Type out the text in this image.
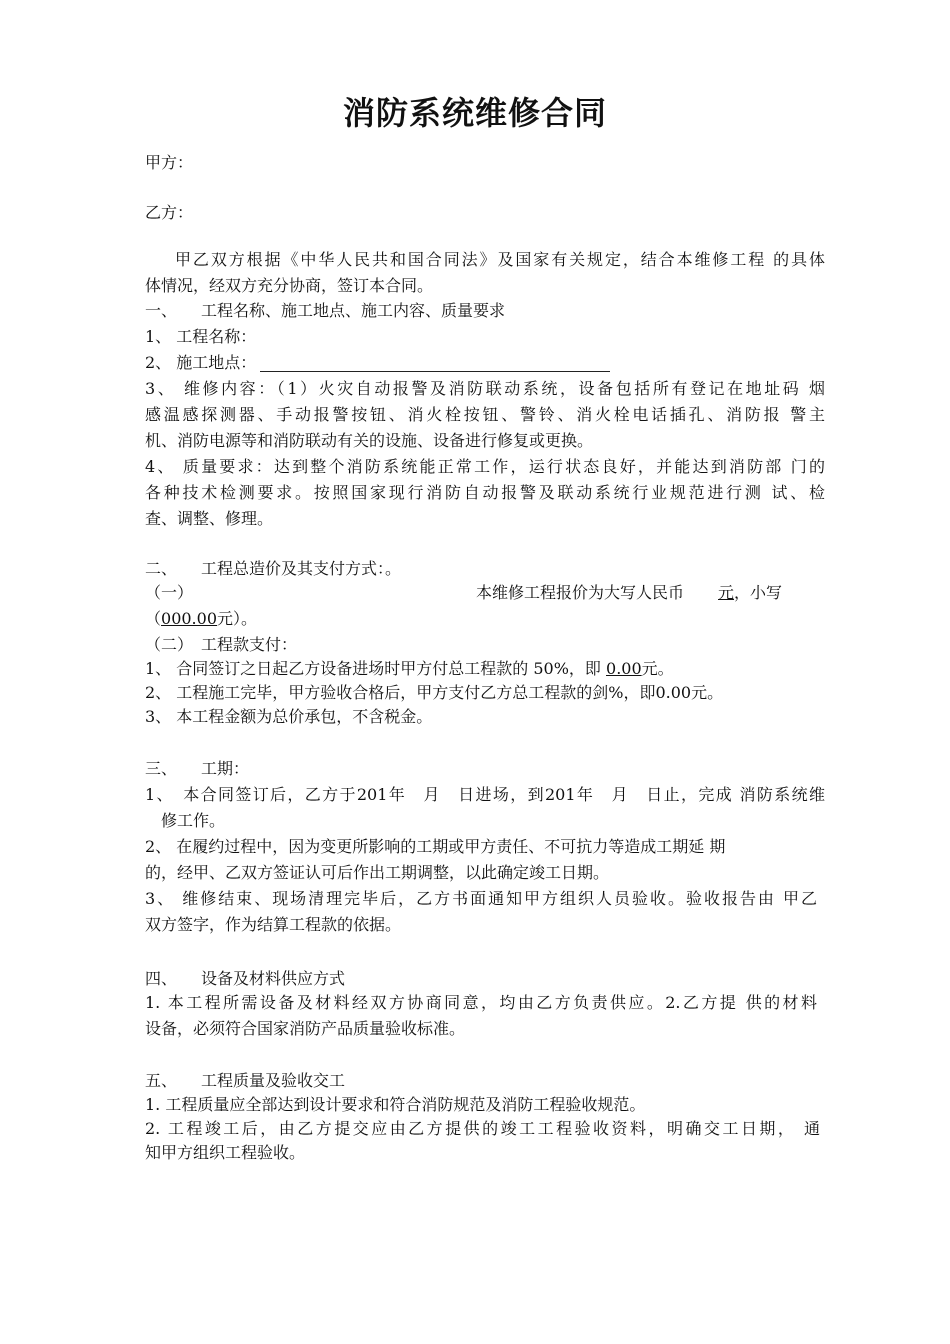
消防系统维修合同
甲方：
乙方：
甲乙双方根据《中华人民共和国合同法》及国家有关规定，结合本维修工程 的具体
体情况，经双方充分协商，签订本合同。
一、　　工程名称、施工地点、施工内容、质量要求
1、 工程名称：
2、 施工地点：
3、 维修内容：（1）火灾自动报警及消防联动系统，设备包括所有登记在地址码 烟
感温感探测器、手动报警按钮、消火栓按钮、警铃、消火栓电话插孔、消防报 警主
机、消防电源等和消防联动有关的设施、设备进行修复或更换。
4、 质量要求：达到整个消防系统能正常工作，运行状态良好，并能达到消防部 门的
各种技术检测要求。按照国家现行消防自动报警及联动系统行业规范进行测 试、检
查、调整、修理。
二、　　工程总造价及其支付方式：。
（一）	本维修工程报价为大写人民币 元，小写
（000.00元）。
（二）　工程款支付：
1、 合同签订之日起乙方设备进场时甲方付总工程款的 50%，即 0.00元。
2、 工程施工完毕，甲方验收合格后，甲方支付乙方总工程款的剑%，即0.00元。
3、 本工程金额为总价承包，不含税金。
三、　　工期：
1、　本合同签订后，乙方于201年　月　日进场，到201年　月　日止，完成 消防系统维
　修工作。
2、 在履约过程中，因为变更所影响的工期或甲方责任、不可抗力等造成工期延 期
的，经甲、乙双方签证认可后作出工期调整，以此确定竣工日期。
3、 维修结束、现场清理完毕后，乙方书面通知甲方组织人员验收。验收报告由 甲乙
双方签字，作为结算工程款的依据。
四、　　设备及材料供应方式
1. 本工程所需设备及材料经双方协商同意，均由乙方负责供应。2.乙方提 供的材料
设备，必须符合国家消防产品质量验收标准。
五、　　工程质量及验收交工
1. 工程质量应全部达到设计要求和符合消防规范及消防工程验收规范。
2. 工程竣工后，由乙方提交应由乙方提供的竣工工程验收资料，明确交工日期， 通
知甲方组织工程验收。
